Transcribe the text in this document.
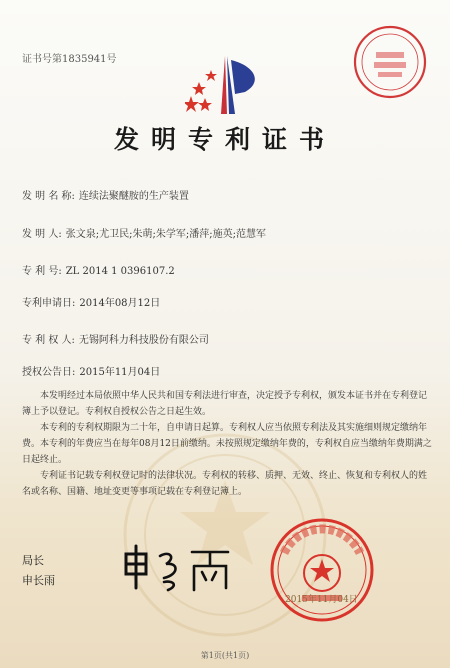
证书号第1835941号
发明专利证书
发 明 名 称: 连续法聚醚胺的生产装置
发 明 人: 张文泉;尤卫民;朱萌;朱学军;潘萍;施英;范慧军
专 利 号: ZL 2014 1 0396107.2
专利申请日: 2014年08月12日
专 利 权 人: 无锡阿科力科技股份有限公司
授权公告日: 2015年11月04日
本发明经过本局依照中华人民共和国专利法进行审查，决定授予专利权，颁发本证书并在专利登记簿上予以登记。专利权自授权公告之日起生效。
本专利的专利权期限为二十年，自申请日起算。专利权人应当依照专利法及其实施细则规定缴纳年费。本专利的年费应当在每年08月12日前缴纳。未按照规定缴纳年费的，专利权自应当缴纳年费期满之日起终止。
专利证书记载专利权登记时的法律状况。专利权的转移、质押、无效、终止、恢复和专利权人的姓名或名称、国籍、地址变更等事项记载在专利登记簿上。
局长
申长雨
2015年11月04日
第1页(共1页)
